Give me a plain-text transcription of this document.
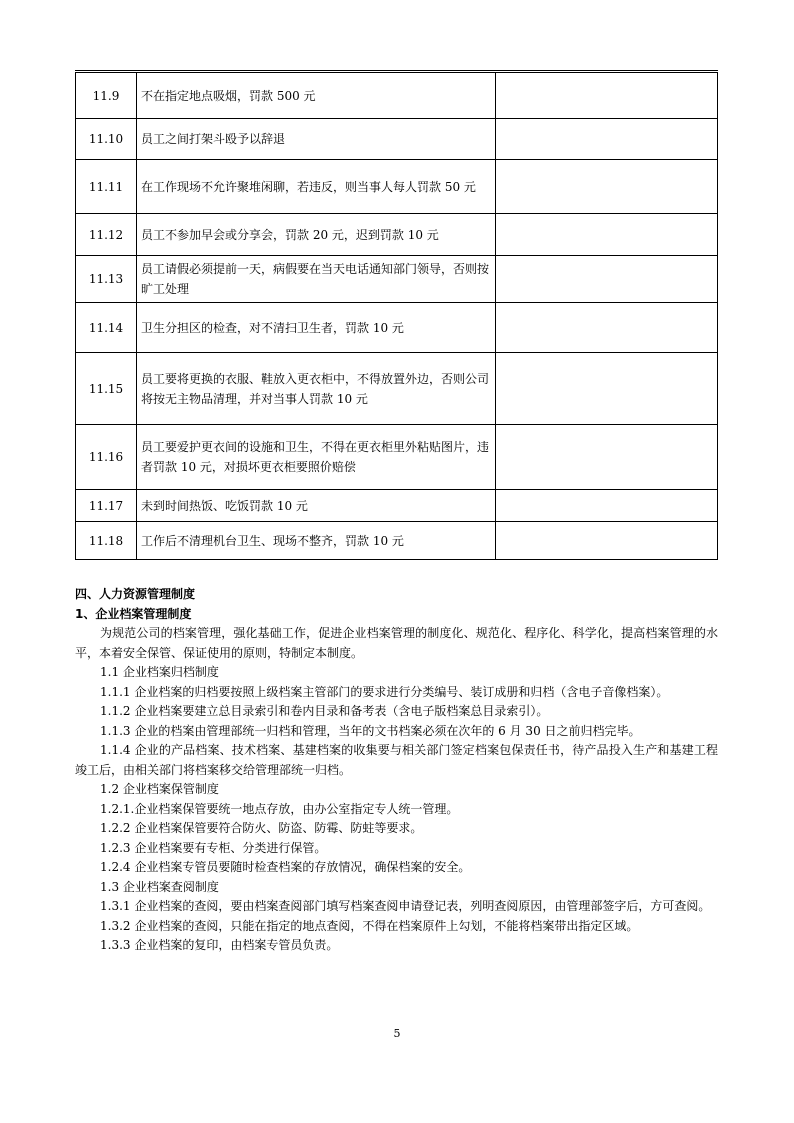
11.9	不在指定地点吸烟，罚款 500 元	
11.10	员工之间打架斗殴予以辞退	
11.11	在工作现场不允许聚堆闲聊，若违反，则当事人每人罚款 50 元	
11.12	员工不参加早会或分享会，罚款 20 元，迟到罚款 10 元	
11.13	员工请假必须提前一天，病假要在当天电话通知部门领导，否则按旷工处理	
11.14	卫生分担区的检查，对不清扫卫生者，罚款 10 元	
11.15	员工要将更换的衣服、鞋放入更衣柜中，不得放置外边，否则公司将按无主物品清理，并对当事人罚款 10 元	
11.16	员工要爱护更衣间的设施和卫生，不得在更衣柜里外粘贴图片，违者罚款 10 元，对损坏更衣柜要照价赔偿	
11.17	未到时间热饭、吃饭罚款 10 元	
11.18	工作后不清理机台卫生、现场不整齐，罚款 10 元	

四、人力资源管理制度

1、企业档案管理制度

为规范公司的档案管理，强化基础工作，促进企业档案管理的制度化、规范化、程序化、科学化，提高档案管理的水平，本着安全保管、保证使用的原则，特制定本制度。

1.1 企业档案归档制度

1.1.1 企业档案的归档要按照上级档案主管部门的要求进行分类编号、装订成册和归档（含电子音像档案）。

1.1.2 企业档案要建立总目录索引和卷内目录和备考表（含电子版档案总目录索引）。

1.1.3 企业的档案由管理部统一归档和管理，当年的文书档案必须在次年的 6 月 30 日之前归档完毕。

1.1.4 企业的产品档案、技术档案、基建档案的收集要与相关部门签定档案包保责任书，待产品投入生产和基建工程竣工后，由相关部门将档案移交给管理部统一归档。

1.2 企业档案保管制度

1.2.1.企业档案保管要统一地点存放，由办公室指定专人统一管理。

1.2.2 企业档案保管要符合防火、防盗、防霉、防蛀等要求。

1.2.3 企业档案要有专柜、分类进行保管。

1.2.4 企业档案专管员要随时检查档案的存放情况，确保档案的安全。

1.3 企业档案查阅制度

1.3.1 企业档案的查阅，要由档案查阅部门填写档案查阅申请登记表，列明查阅原因，由管理部签字后，方可查阅。

1.3.2 企业档案的查阅，只能在指定的地点查阅，不得在档案原件上勾划，不能将档案带出指定区域。

1.3.3 企业档案的复印，由档案专管员负责。

5
